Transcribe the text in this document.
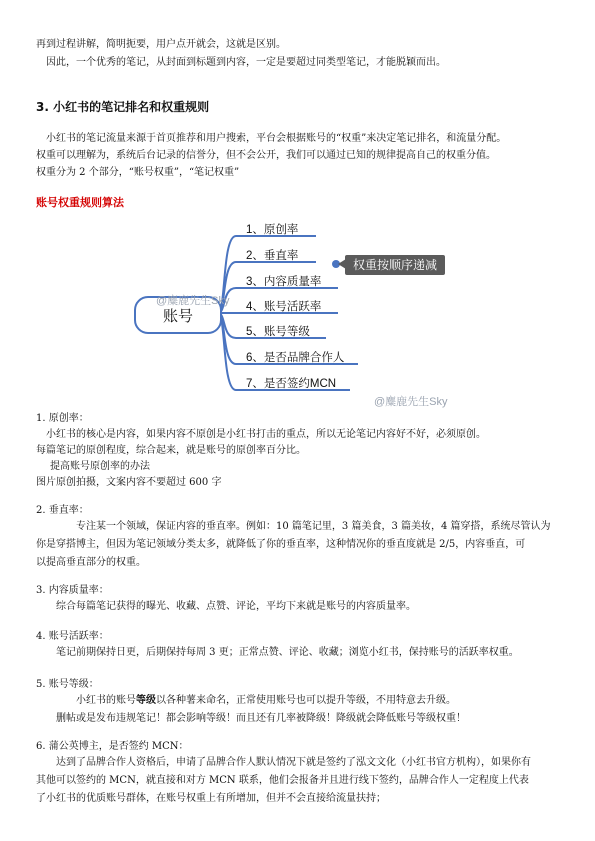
再到过程讲解，简明扼要，用户点开就会，这就是区别。
因此，一个优秀的笔记，从封面到标题到内容，一定是要超过同类型笔记，才能脱颖而出。
3. 小红书的笔记排名和权重规则
小红书的笔记流量来源于首页推荐和用户搜索，平台会根据账号的“权重”来决定笔记排名，和流量分配。
权重可以理解为，系统后台记录的信誉分，但不会公开，我们可以通过已知的规律提高自己的权重分值。
权重分为 2 个部分，“账号权重”，“笔记权重”
账号权重规则算法
账号
1、原创率
2、垂直率
3、内容质量率
4、账号活跃率
5、账号等级
6、是否品牌合作人
7、是否签约MCN
权重按顺序递减
@麋鹿先生Sky
@麋鹿先生Sky
1. 原创率：
小红书的核心是内容，如果内容不原创是小红书打击的重点，所以无论笔记内容好不好，必须原创。
每篇笔记的原创程度，综合起来，就是账号的原创率百分比。
提高账号原创率的办法
图片原创拍摄，文案内容不要超过 600 字
2. 垂直率：
专注某一个领域，保证内容的垂直率。例如：10 篇笔记里，3 篇美食，3 篇美妆，4 篇穿搭，系统尽管认为
你是穿搭博主，但因为笔记领域分类太多，就降低了你的垂直率，这种情况你的垂直度就是 2/5，内容垂直，可
以提高垂直部分的权重。
3. 内容质量率：
综合每篇笔记获得的曝光、收藏、点赞、评论，平均下来就是账号的内容质量率。
4. 账号活跃率：
笔记前期保持日更，后期保持每周 3 更；正常点赞、评论、收藏；浏览小红书，保持账号的活跃率权重。
5. 账号等级：
小红书的账号等级以各种薯来命名，正常使用账号也可以提升等级，不用特意去升级。
删帖或是发布违规笔记！都会影响等级！而且还有几率被降级！降级就会降低账号等级权重！
6. 蒲公英博主，是否签约 MCN：
达到了品牌合作人资格后，申请了品牌合作人默认情况下就是签约了泓文文化（小红书官方机构），如果你有
其他可以签约的 MCN，就直接和对方 MCN 联系，他们会报备并且进行线下签约，品牌合作人一定程度上代表
了小红书的优质账号群体，在账号权重上有所增加，但并不会直接给流量扶持；
